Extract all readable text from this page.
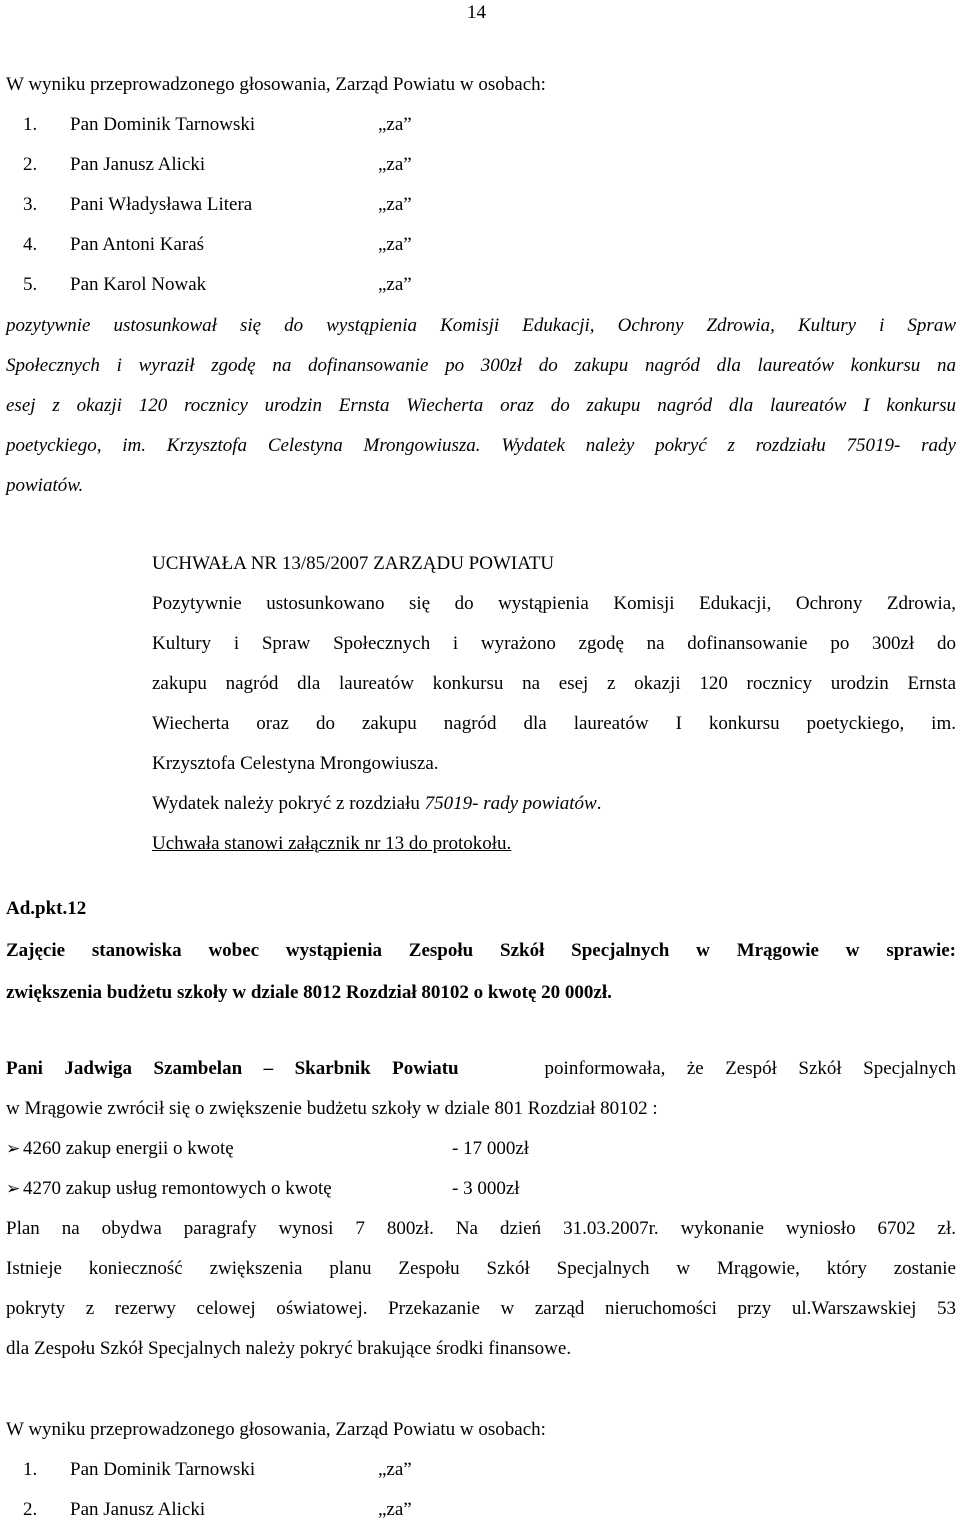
14
W wyniku przeprowadzonego głosowania, Zarząd Powiatu w osobach:
1. Pan Dominik Tarnowski	„za”
2. Pan Janusz Alicki	„za”
3. Pani Władysława Litera	„za”
4. Pan Antoni Karaś	„za”
5. Pan Karol Nowak	„za”
pozytywnie ustosunkował się do wystąpienia Komisji Edukacji, Ochrony Zdrowia, Kultury i Spraw
Społecznych i wyraził zgodę na dofinansowanie po 300zł do zakupu nagród dla laureatów konkursu na
esej z okazji 120 rocznicy urodzin Ernsta Wiecherta oraz do zakupu nagród dla laureatów I konkursu
poetyckiego, im. Krzysztofa Celestyna Mrongowiusza. Wydatek należy pokryć z rozdziału 75019- rady
powiatów.
UCHWAŁA NR 13/85/2007 ZARZĄDU POWIATU
Pozytywnie ustosunkowano się do wystąpienia Komisji Edukacji, Ochrony Zdrowia,
Kultury i Spraw Społecznych i wyrażono zgodę na dofinansowanie po 300zł do
zakupu nagród dla laureatów konkursu na esej z okazji 120 rocznicy urodzin Ernsta
Wiecherta oraz do zakupu nagród dla laureatów I konkursu poetyckiego, im.
Krzysztofa Celestyna Mrongowiusza.
Wydatek należy pokryć z rozdziału 75019- rady powiatów.
Uchwała stanowi załącznik nr 13 do protokołu.
Ad.pkt.12
Zajęcie stanowiska wobec wystąpienia Zespołu Szkół Specjalnych w Mrągowie w sprawie:
zwiększenia budżetu szkoły w dziale 8012 Rozdział 80102 o kwotę 20 000zł.
Pani Jadwiga Szambelan – Skarbnik Powiatu	poinformowała, że Zespół Szkół Specjalnych
w Mrągowie zwrócił się o zwiększenie budżetu szkoły w dziale 801 Rozdział 80102 :
➢ 4260 zakup energii o kwotę	- 17 000zł
➢ 4270 zakup usług remontowych o kwotę	- 3 000zł
Plan na obydwa paragrafy wynosi 7 800zł. Na dzień 31.03.2007r. wykonanie wyniosło 6702 zł.
Istnieje konieczność zwiększenia planu Zespołu Szkół Specjalnych w Mrągowie, który zostanie
pokryty z rezerwy celowej oświatowej. Przekazanie w zarząd nieruchomości przy ul.Warszawskiej 53
dla Zespołu Szkół Specjalnych należy pokryć brakujące środki finansowe.
W wyniku przeprowadzonego głosowania, Zarząd Powiatu w osobach:
1. Pan Dominik Tarnowski	„za”
2. Pan Janusz Alicki	„za”
